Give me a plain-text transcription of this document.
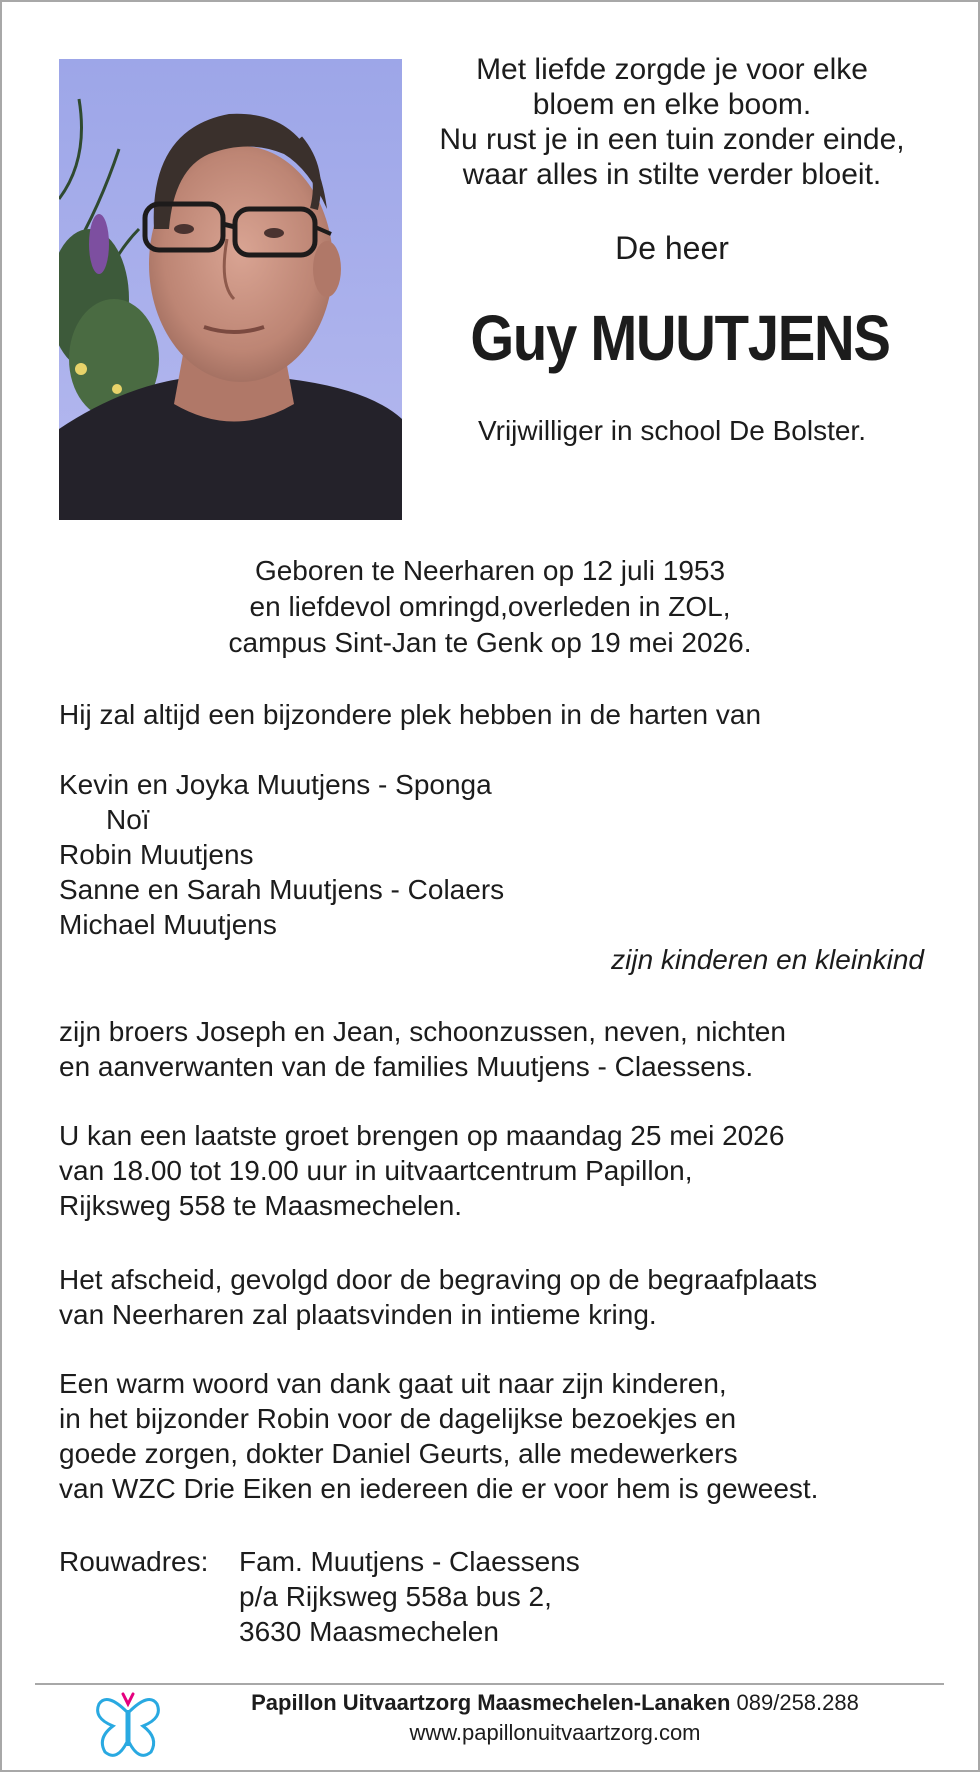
Met liefde zorgde je voor elke
bloem en elke boom.
Nu rust je in een tuin zonder einde,
waar alles in stilte verder bloeit.
De heer
Guy MUUTJENS
Vrijwilliger in school De Bolster.
Geboren te Neerharen op 12 juli 1953
en liefdevol omringd,overleden in ZOL,
campus Sint-Jan te Genk op 19 mei 2026.
Hij zal altijd een bijzondere plek hebben in de harten van
Kevin en Joyka Muutjens - Sponga
Noï
Robin Muutjens
Sanne en Sarah Muutjens - Colaers
Michael Muutjens
zijn kinderen en kleinkind
zijn broers Joseph en Jean, schoonzussen, neven, nichten
en aanverwanten van de families Muutjens - Claessens.
U kan een laatste groet brengen op maandag 25 mei 2026
van 18.00 tot 19.00 uur in uitvaartcentrum Papillon,
Rijksweg 558 te Maasmechelen.
Het afscheid, gevolgd door de begraving op de begraafplaats
van Neerharen zal plaatsvinden in intieme kring.
Een warm woord van dank gaat uit naar zijn kinderen,
in het bijzonder Robin voor de dagelijkse bezoekjes en
goede zorgen, dokter Daniel Geurts, alle medewerkers
van WZC Drie Eiken en iedereen die er voor hem is geweest.
Rouwadres: Fam. Muutjens - Claessens
p/a Rijksweg 558a bus 2,
3630 Maasmechelen
Papillon Uitvaartzorg Maasmechelen-Lanaken 089/258.288
www.papillonuitvaartzorg.com
